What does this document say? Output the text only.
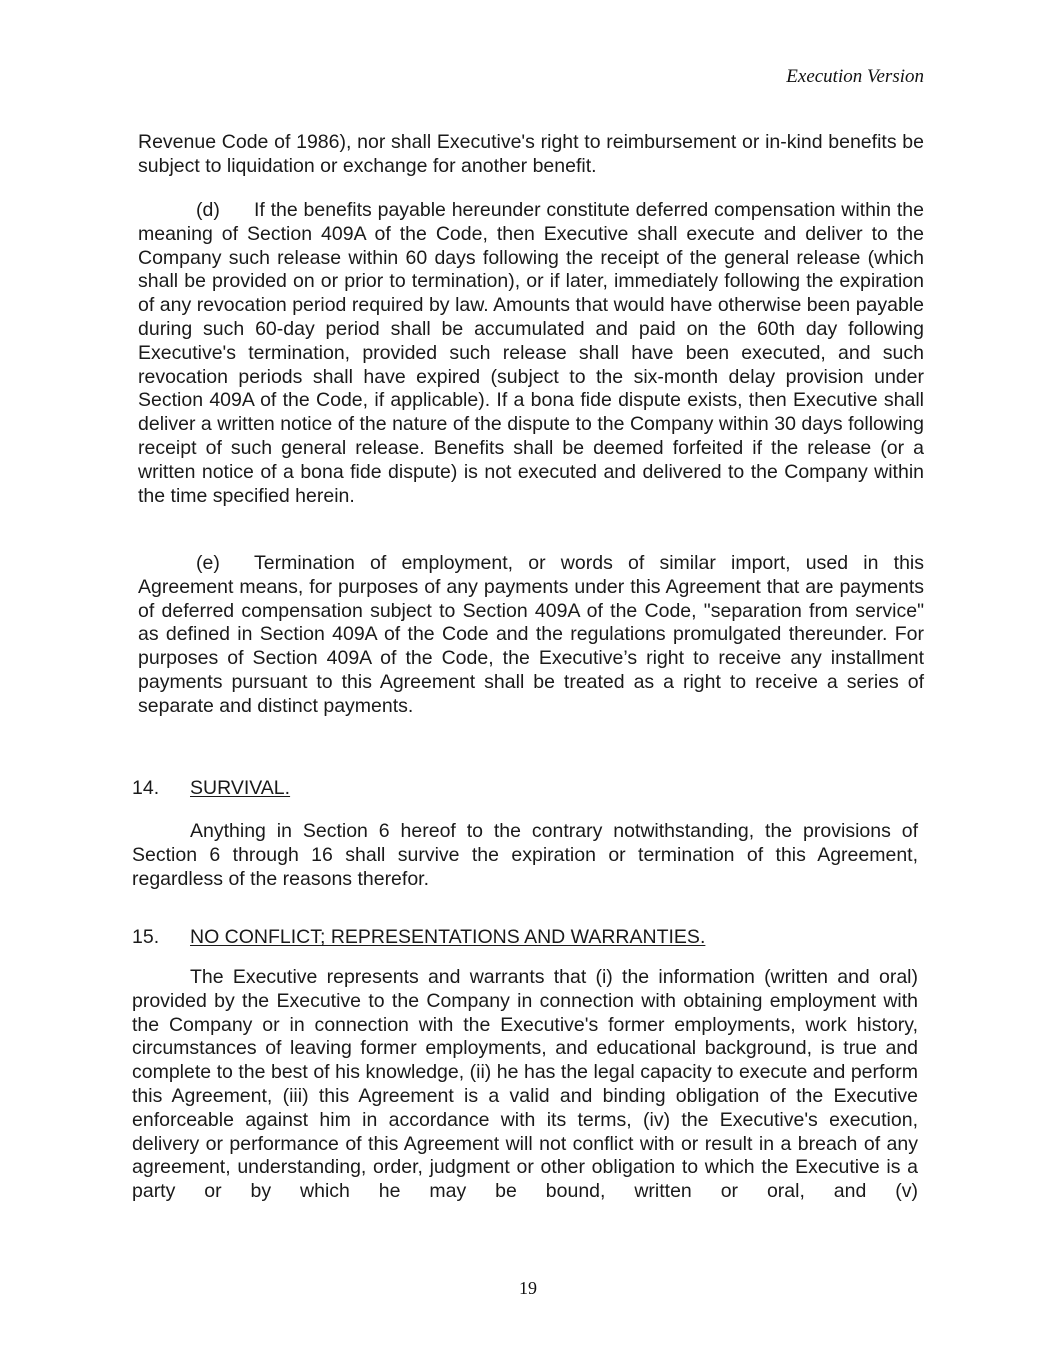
Execution Version

Revenue Code of 1986), nor shall Executive's right to reimbursement or in-kind benefits be subject to liquidation or exchange for another benefit.

(d) If the benefits payable hereunder constitute deferred compensation within the meaning of Section 409A of the Code, then Executive shall execute and deliver to the Company such release within 60 days following the receipt of the general release (which shall be provided on or prior to termination), or if later, immediately following the expiration of any revocation period required by law. Amounts that would have otherwise been payable during such 60-day period shall be accumulated and paid on the 60th day following Executive's termination, provided such release shall have been executed, and such revocation periods shall have expired (subject to the six-month delay provision under Section 409A of the Code, if applicable). If a bona fide dispute exists, then Executive shall deliver a written notice of the nature of the dispute to the Company within 30 days following receipt of such general release. Benefits shall be deemed forfeited if the release (or a written notice of a bona fide dispute) is not executed and delivered to the Company within the time specified herein.

(e) Termination of employment, or words of similar import, used in this Agreement means, for purposes of any payments under this Agreement that are payments of deferred compensation subject to Section 409A of the Code, "separation from service" as defined in Section 409A of the Code and the regulations promulgated thereunder. For purposes of Section 409A of the Code, the Executive’s right to receive any installment payments pursuant to this Agreement shall be treated as a right to receive a series of separate and distinct payments.

14. SURVIVAL.

Anything in Section 6 hereof to the contrary notwithstanding, the provisions of Section 6 through 16 shall survive the expiration or termination of this Agreement, regardless of the reasons therefor.

15. NO CONFLICT; REPRESENTATIONS AND WARRANTIES.

The Executive represents and warrants that (i) the information (written and oral) provided by the Executive to the Company in connection with obtaining employment with the Company or in connection with the Executive's former employments, work history, circumstances of leaving former employments, and educational background, is true and complete to the best of his knowledge, (ii) he has the legal capacity to execute and perform this Agreement, (iii) this Agreement is a valid and binding obligation of the Executive enforceable against him in accordance with its terms, (iv) the Executive's execution, delivery or performance of this Agreement will not conflict with or result in a breach of any agreement, understanding, order, judgment or other obligation to which the Executive is a party or by which he may be bound, written or oral, and (v)

19
